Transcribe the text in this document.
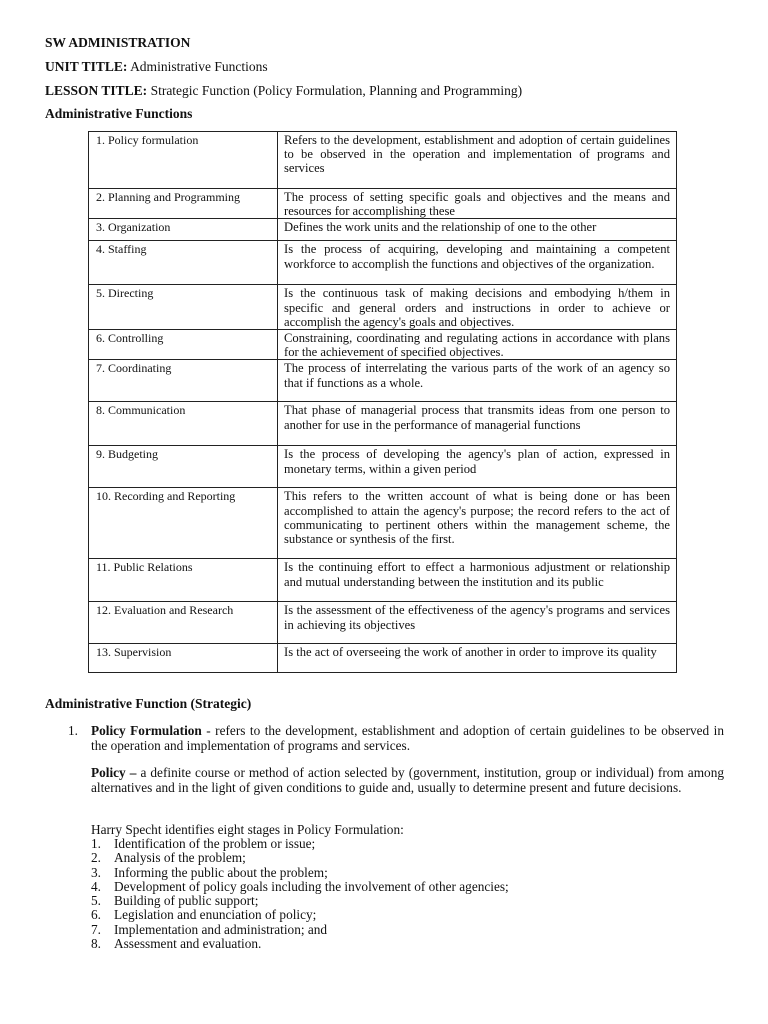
SW ADMINISTRATION
UNIT TITLE: Administrative Functions
LESSON TITLE: Strategic Function (Policy Formulation, Planning and Programming)
Administrative Functions
1. Policy formulation	Refers to the development, establishment and adoption of certain guidelines to be observed in the operation and implementation of programs and services
2. Planning and Programming	The process of setting specific goals and objectives and the means and resources for accomplishing these
3. Organization	Defines the work units and the relationship of one to the other
4. Staffing	Is the process of acquiring, developing and maintaining a competent workforce to accomplish the functions and objectives of the organization.
5. Directing	Is the continuous task of making decisions and embodying h/them in specific and general orders and instructions in order to achieve or accomplish the agency's goals and objectives.
6. Controlling	Constraining, coordinating and regulating actions in accordance with plans for the achievement of specified objectives.
7. Coordinating	The process of interrelating the various parts of the work of an agency so that if functions as a whole.
8. Communication	That phase of managerial process that transmits ideas from one person to another for use in the performance of managerial functions
9. Budgeting	Is the process of developing the agency's plan of action, expressed in monetary terms, within a given period
10. Recording and Reporting	This refers to the written account of what is being done or has been accomplished to attain the agency's purpose; the record refers to the act of communicating to pertinent others within the management scheme, the substance or synthesis of the first.
11. Public Relations	Is the continuing effort to effect a harmonious adjustment or relationship and mutual understanding between the institution and its public
12. Evaluation and Research	Is the assessment of the effectiveness of the agency's programs and services in achieving its objectives
13. Supervision	Is the act of overseeing the work of another in order to improve its quality
Administrative Function (Strategic)
1. Policy Formulation - refers to the development, establishment and adoption of certain guidelines to be observed in the operation and implementation of programs and services.
Policy – a definite course or method of action selected by (government, institution, group or individual) from among alternatives and in the light of given conditions to guide and, usually to determine present and future decisions.
Harry Specht identifies eight stages in Policy Formulation:
1. Identification of the problem or issue;
2. Analysis of the problem;
3. Informing the public about the problem;
4. Development of policy goals including the involvement of other agencies;
5. Building of public support;
6. Legislation and enunciation of policy;
7. Implementation and administration; and
8. Assessment and evaluation.
